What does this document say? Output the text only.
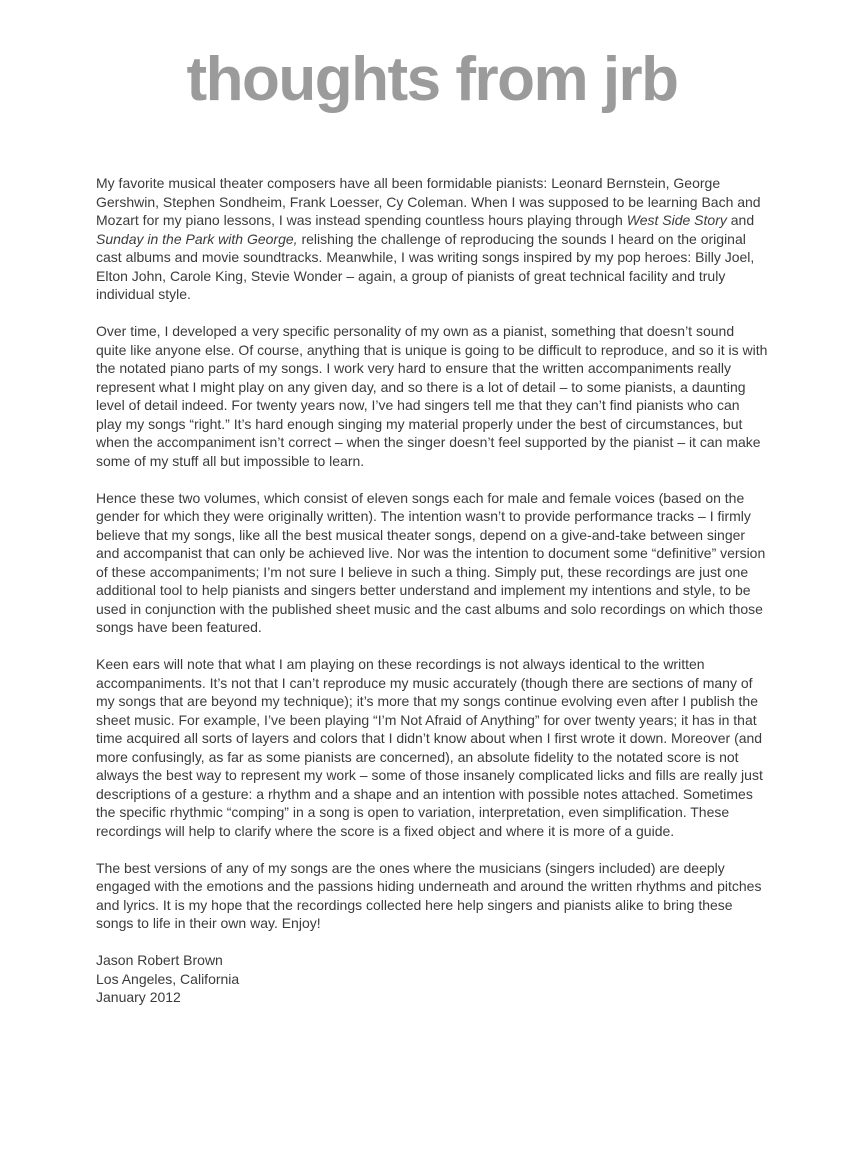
thoughts from jrb

My favorite musical theater composers have all been formidable pianists: Leonard Bernstein, George Gershwin, Stephen Sondheim, Frank Loesser, Cy Coleman. When I was supposed to be learning Bach and Mozart for my piano lessons, I was instead spending countless hours playing through West Side Story and Sunday in the Park with George, relishing the challenge of reproducing the sounds I heard on the original cast albums and movie soundtracks. Meanwhile, I was writing songs inspired by my pop heroes: Billy Joel, Elton John, Carole King, Stevie Wonder – again, a group of pianists of great technical facility and truly individual style.

Over time, I developed a very specific personality of my own as a pianist, something that doesn’t sound quite like anyone else. Of course, anything that is unique is going to be difficult to reproduce, and so it is with the notated piano parts of my songs. I work very hard to ensure that the written accompaniments really represent what I might play on any given day, and so there is a lot of detail – to some pianists, a daunting level of detail indeed. For twenty years now, I’ve had singers tell me that they can’t find pianists who can play my songs “right.” It’s hard enough singing my material properly under the best of circumstances, but when the accompaniment isn’t correct – when the singer doesn’t feel supported by the pianist – it can make some of my stuff all but impossible to learn.

Hence these two volumes, which consist of eleven songs each for male and female voices (based on the gender for which they were originally written). The intention wasn’t to provide performance tracks – I firmly believe that my songs, like all the best musical theater songs, depend on a give-and-take between singer and accompanist that can only be achieved live. Nor was the intention to document some “definitive” version of these accompaniments; I’m not sure I believe in such a thing. Simply put, these recordings are just one additional tool to help pianists and singers better understand and implement my intentions and style, to be used in conjunction with the published sheet music and the cast albums and solo recordings on which those songs have been featured.

Keen ears will note that what I am playing on these recordings is not always identical to the written accompaniments. It’s not that I can’t reproduce my music accurately (though there are sections of many of my songs that are beyond my technique); it’s more that my songs continue evolving even after I publish the sheet music. For example, I’ve been playing “I’m Not Afraid of Anything” for over twenty years; it has in that time acquired all sorts of layers and colors that I didn’t know about when I first wrote it down. Moreover (and more confusingly, as far as some pianists are concerned), an absolute fidelity to the notated score is not always the best way to represent my work – some of those insanely complicated licks and fills are really just descriptions of a gesture: a rhythm and a shape and an intention with possible notes attached. Sometimes the specific rhythmic “comping” in a song is open to variation, interpretation, even simplification. These recordings will help to clarify where the score is a fixed object and where it is more of a guide.

The best versions of any of my songs are the ones where the musicians (singers included) are deeply engaged with the emotions and the passions hiding underneath and around the written rhythms and pitches and lyrics. It is my hope that the recordings collected here help singers and pianists alike to bring these songs to life in their own way. Enjoy!

Jason Robert Brown
Los Angeles, California
January 2012
